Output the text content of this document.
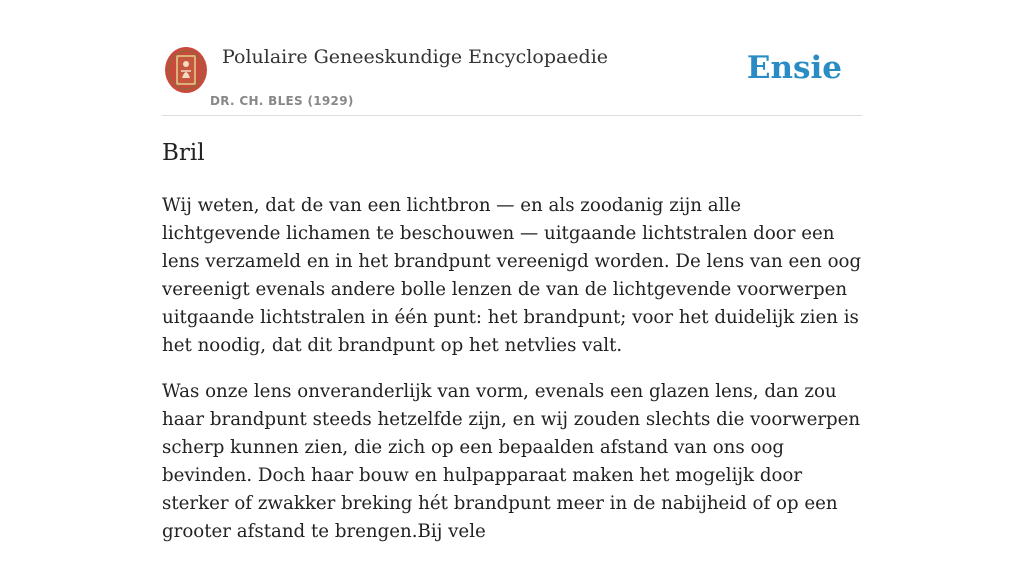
Polulaire Geneeskundige Encyclopaedie
DR. CH. BLES (1929)
Ensie
Bril

Wij weten, dat de van een lichtbron — en als zoodanig zijn alle lichtgevende lichamen te beschouwen — uitgaande lichtstralen door een lens verzameld en in het brandpunt vereenigd worden. De lens van een oog vereenigt evenals andere bolle lenzen de van de lichtgevende voorwerpen uitgaande lichtstralen in één punt: het brandpunt; voor het duidelijk zien is het noodig, dat dit brandpunt op het netvlies valt.

Was onze lens onveranderlijk van vorm, evenals een glazen lens, dan zou haar brandpunt steeds hetzelfde zijn, en wij zouden slechts die voorwerpen scherp kunnen zien, die zich op een bepaalden afstand van ons oog bevinden. Doch haar bouw en hulpapparaat maken het mogelijk door sterker of zwakker breking hét brandpunt meer in de nabijheid of op een grooter afstand te brengen.Bij vele
